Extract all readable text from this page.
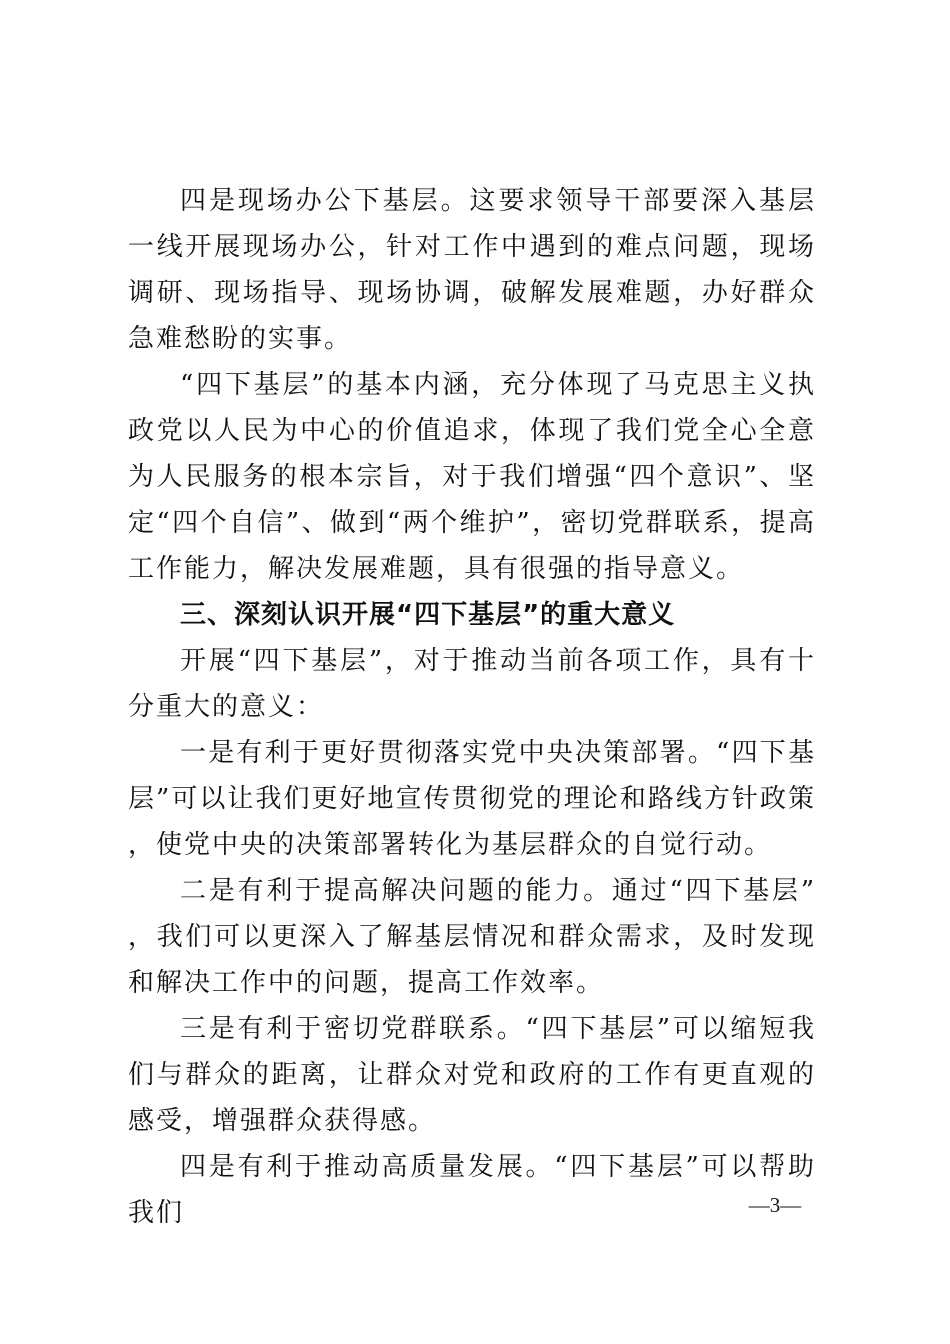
四是现场办公下基层。这要求领导干部要深入基层一线开展现场办公，针对工作中遇到的难点问题，现场调研、现场指导、现场协调，破解发展难题，办好群众急难愁盼的实事。

“四下基层”的基本内涵，充分体现了马克思主义执政党以人民为中心的价值追求，体现了我们党全心全意为人民服务的根本宗旨，对于我们增强“四个意识”、坚定“四个自信”、做到“两个维护”，密切党群联系，提高工作能力，解决发展难题，具有很强的指导意义。

三、深刻认识开展“四下基层”的重大意义

开展“四下基层”，对于推动当前各项工作，具有十分重大的意义：

一是有利于更好贯彻落实党中央决策部署。“四下基层”可以让我们更好地宣传贯彻党的理论和路线方针政策，使党中央的决策部署转化为基层群众的自觉行动。

二是有利于提高解决问题的能力。通过“四下基层”，我们可以更深入了解基层情况和群众需求，及时发现和解决工作中的问题，提高工作效率。

三是有利于密切党群联系。“四下基层”可以缩短我们与群众的距离，让群众对党和政府的工作有更直观的感受，增强群众获得感。

四是有利于推动高质量发展。“四下基层”可以帮助我们	—3—
